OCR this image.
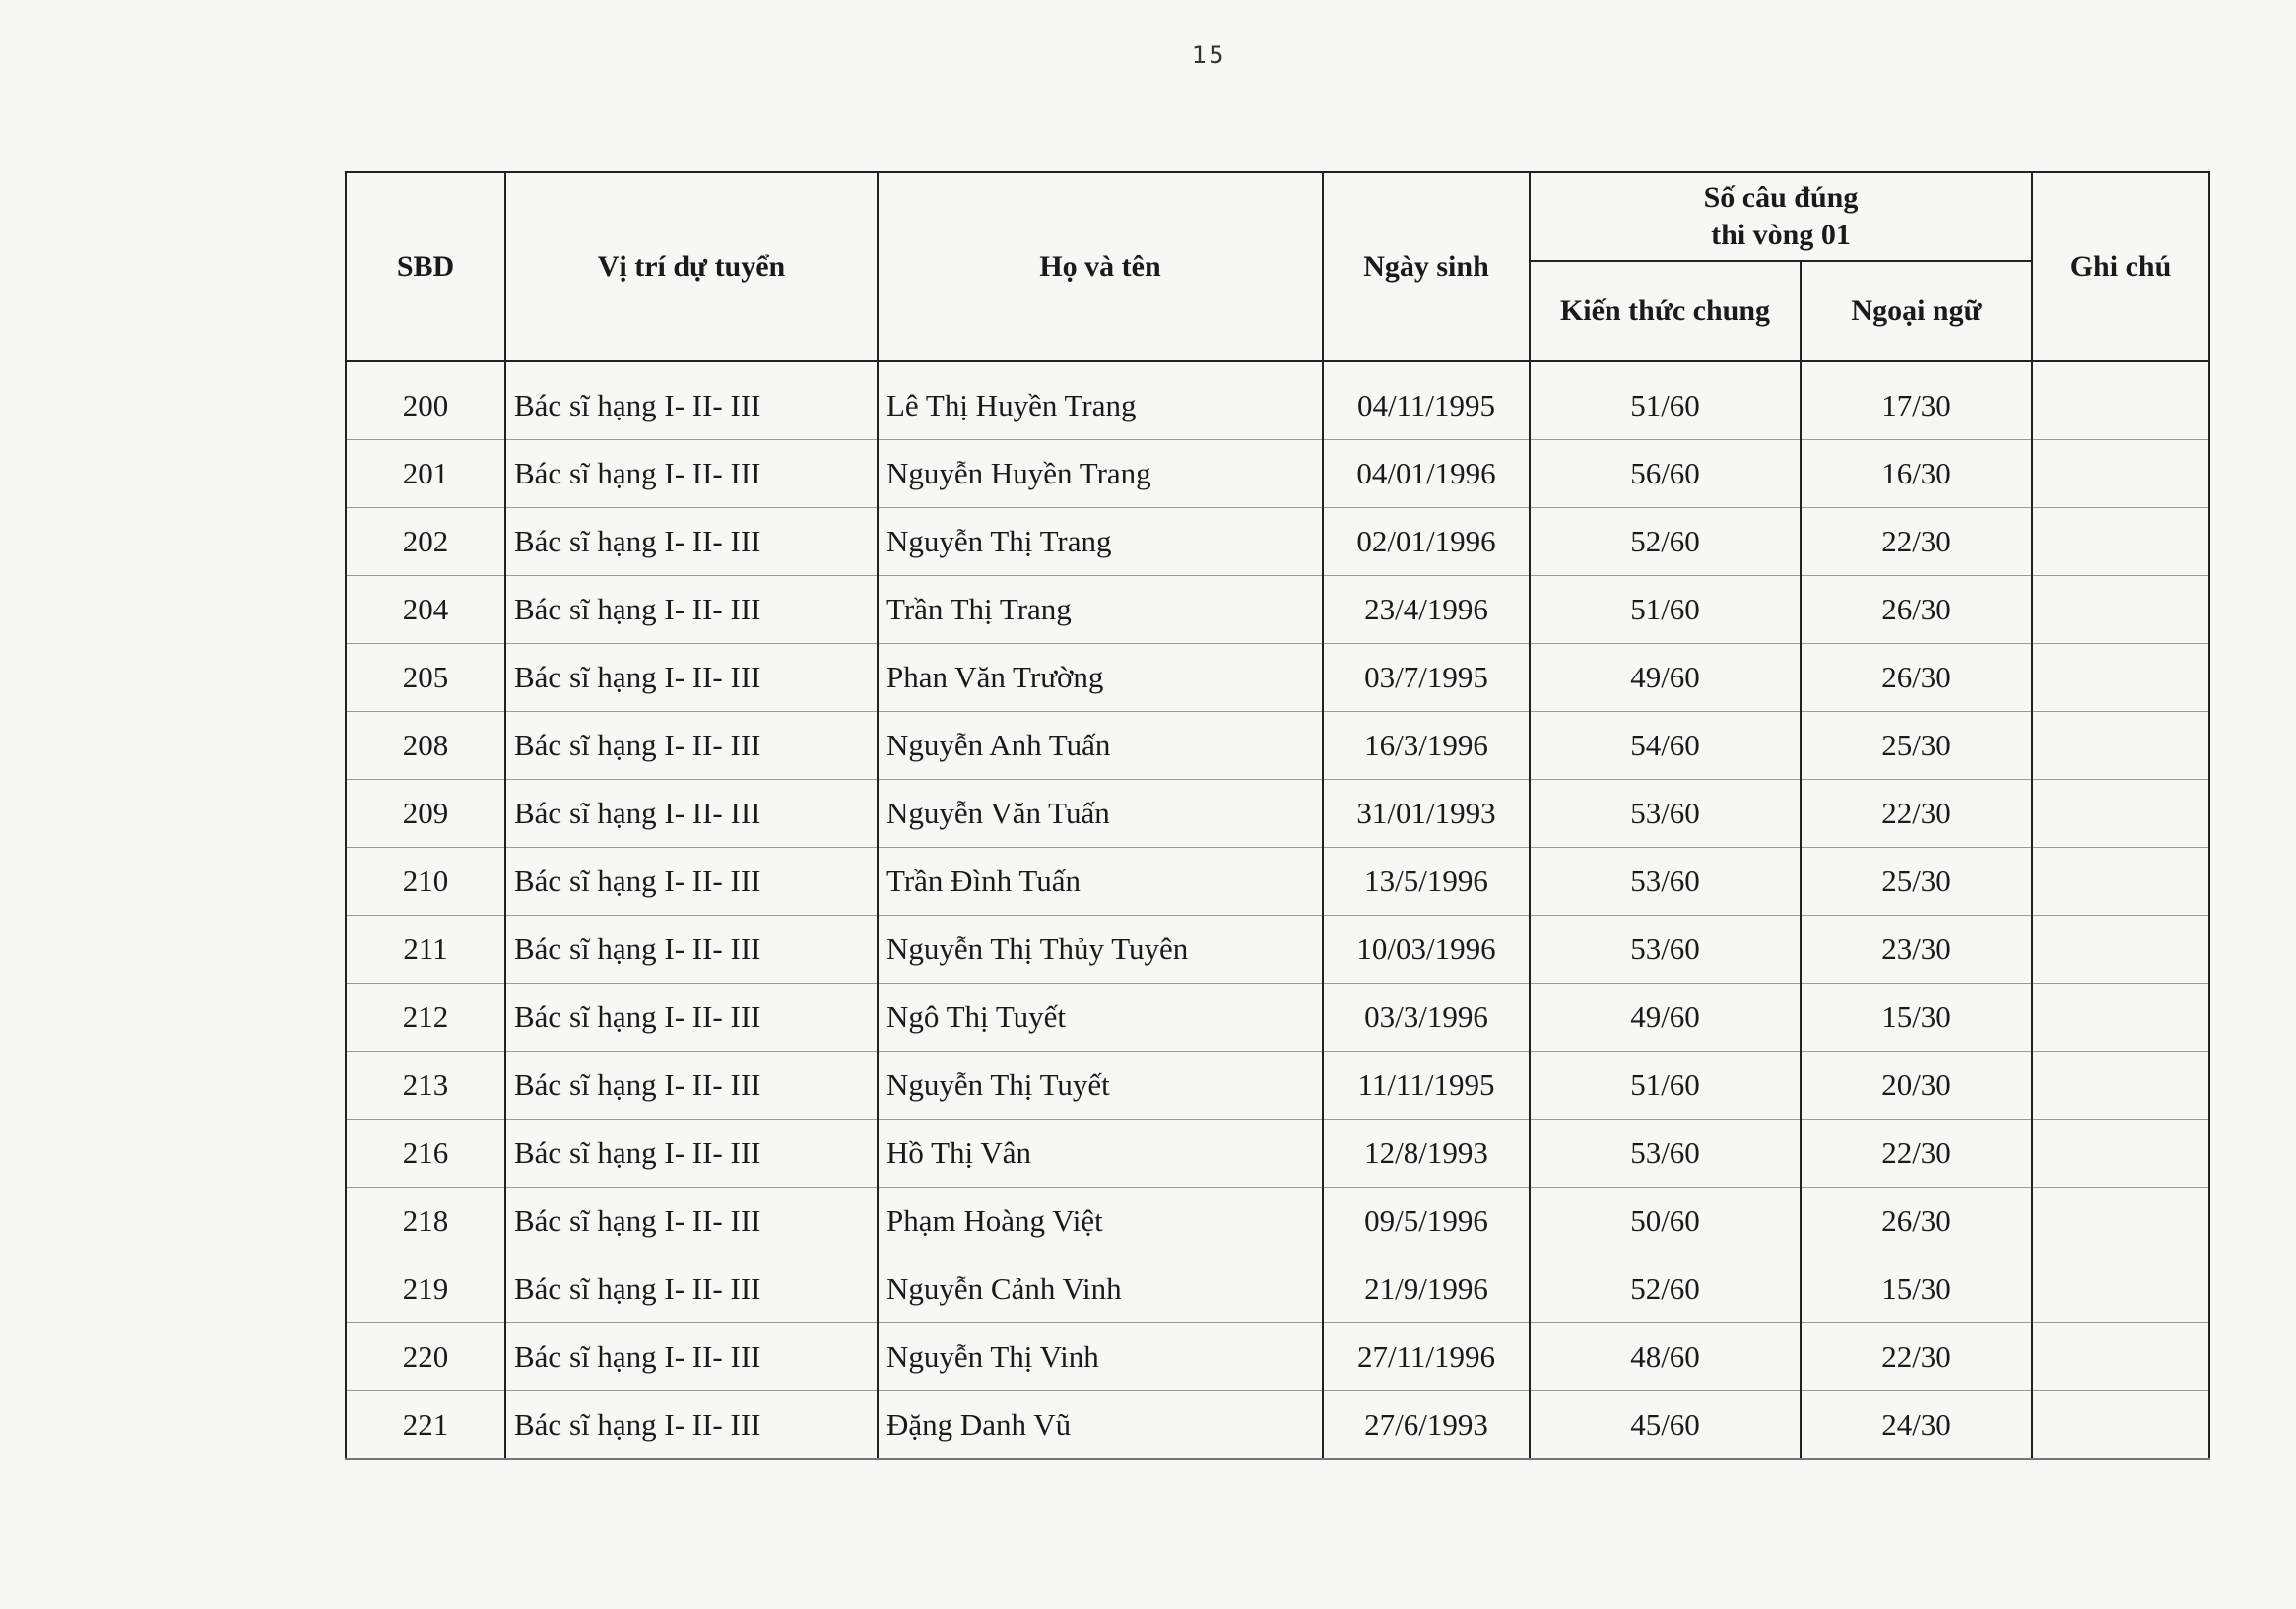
15
SBD	Vị trí dự tuyển	Họ và tên	Ngày sinh	Số câu đúng
thi vòng 01		Ghi chú
				Kiến thức chung	Ngoại ngữ	
200	Bác sĩ hạng I- II- III	Lê Thị Huyền Trang	04/11/1995	51/60	17/30	
201	Bác sĩ hạng I- II- III	Nguyễn Huyền Trang	04/01/1996	56/60	16/30	
202	Bác sĩ hạng I- II- III	Nguyễn Thị Trang	02/01/1996	52/60	22/30	
204	Bác sĩ hạng I- II- III	Trần Thị Trang	23/4/1996	51/60	26/30	
205	Bác sĩ hạng I- II- III	Phan Văn Trường	03/7/1995	49/60	26/30	
208	Bác sĩ hạng I- II- III	Nguyễn Anh Tuấn	16/3/1996	54/60	25/30	
209	Bác sĩ hạng I- II- III	Nguyễn Văn Tuấn	31/01/1993	53/60	22/30	
210	Bác sĩ hạng I- II- III	Trần Đình Tuấn	13/5/1996	53/60	25/30	
211	Bác sĩ hạng I- II- III	Nguyễn Thị Thủy Tuyên	10/03/1996	53/60	23/30	
212	Bác sĩ hạng I- II- III	Ngô Thị Tuyết	03/3/1996	49/60	15/30	
213	Bác sĩ hạng I- II- III	Nguyễn Thị Tuyết	11/11/1995	51/60	20/30	
216	Bác sĩ hạng I- II- III	Hồ Thị Vân	12/8/1993	53/60	22/30	
218	Bác sĩ hạng I- II- III	Phạm Hoàng Việt	09/5/1996	50/60	26/30	
219	Bác sĩ hạng I- II- III	Nguyễn Cảnh Vinh	21/9/1996	52/60	15/30	
220	Bác sĩ hạng I- II- III	Nguyễn Thị Vinh	27/11/1996	48/60	22/30	
221	Bác sĩ hạng I- II- III	Đặng Danh Vũ	27/6/1993	45/60	24/30	
